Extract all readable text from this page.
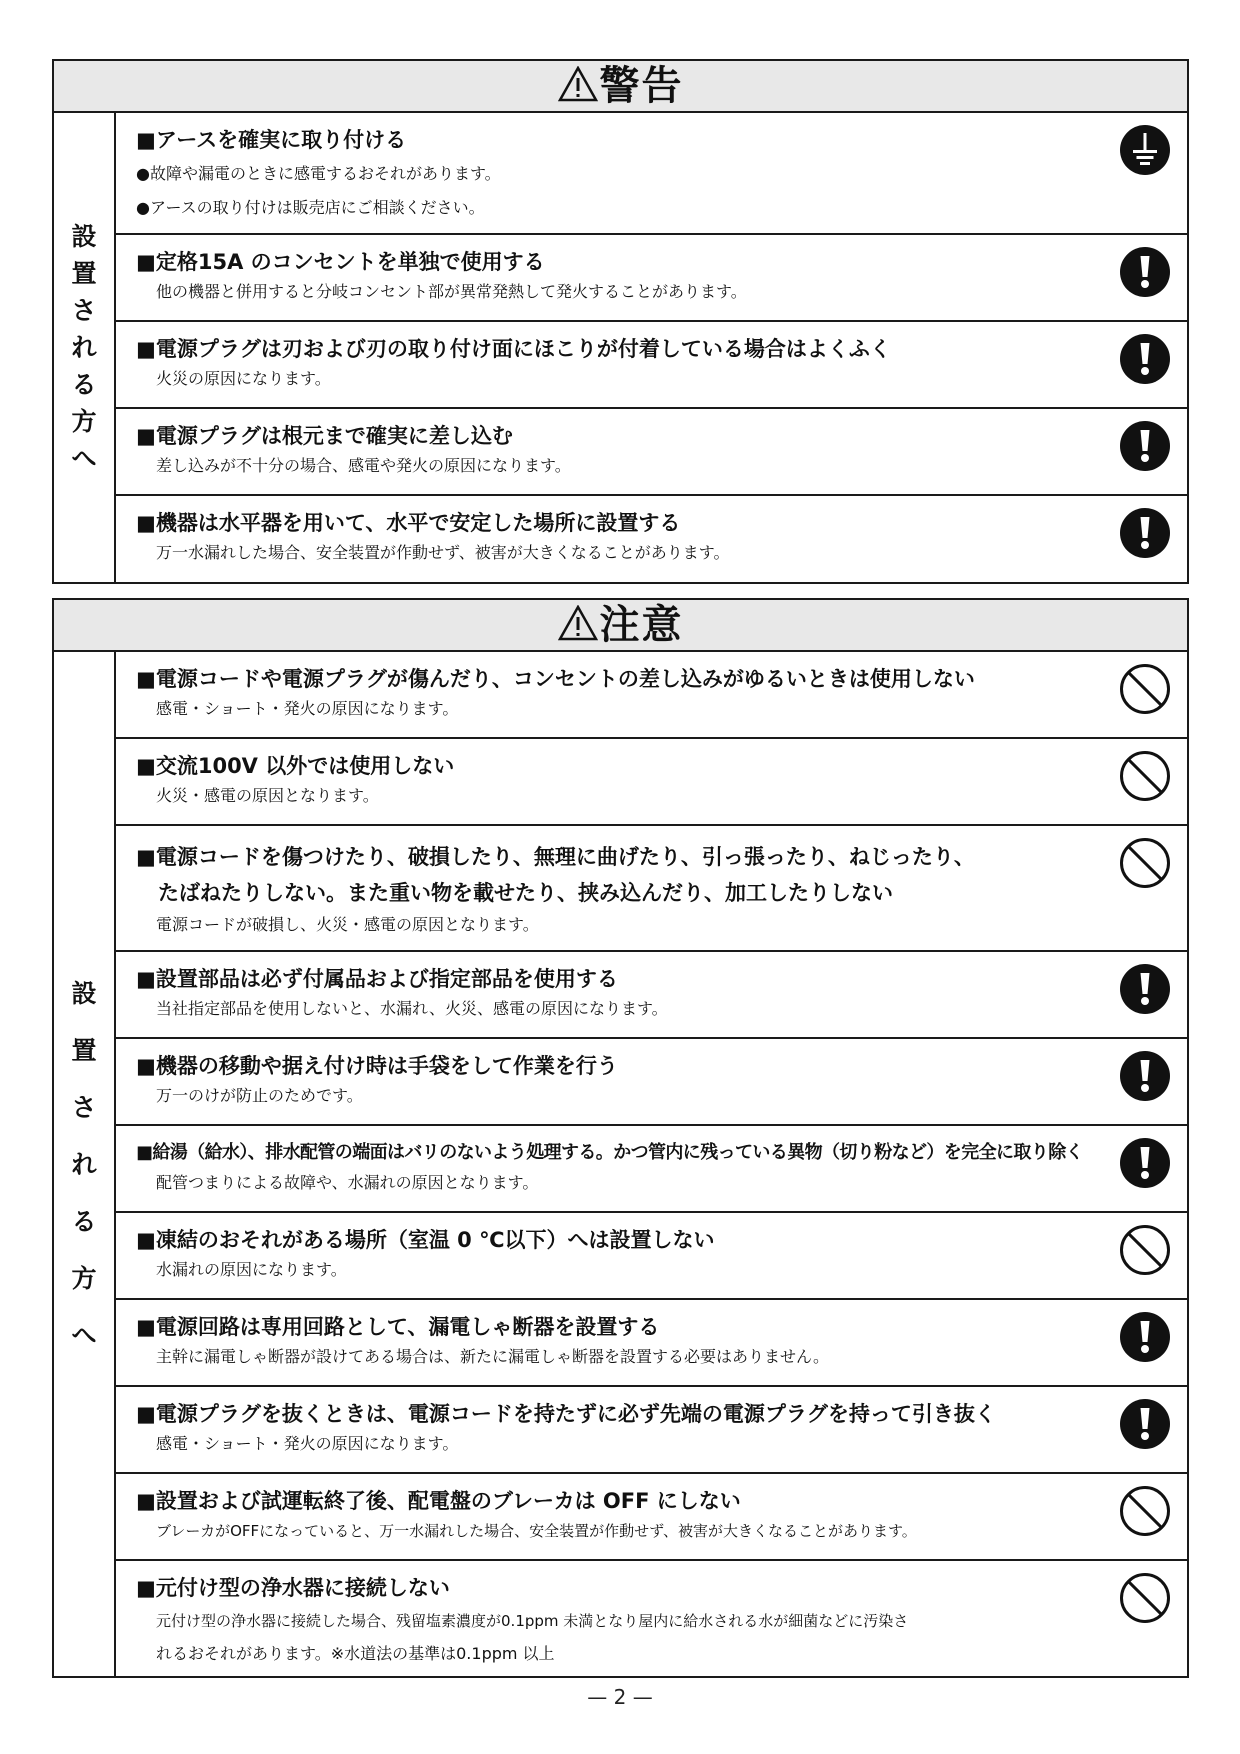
警告
設
置
さ
れ
る
方
へ
■アースを確実に取り付ける
●故障や漏電のときに感電するおそれがあります。
●アースの取り付けは販売店にご相談ください。
■定格15A のコンセントを単独で使用する
他の機器と併用すると分岐コンセント部が異常発熱して発火することがあります。
■電源プラグは刃および刃の取り付け面にほこりが付着している場合はよくふく
火災の原因になります。
■電源プラグは根元まで確実に差し込む
差し込みが不十分の場合、感電や発火の原因になります。
■機器は水平器を用いて、水平で安定した場所に設置する
万一水漏れした場合、安全装置が作動せず、被害が大きくなることがあります。
注意
設
置
さ
れ
る
方
へ
■電源コードや電源プラグが傷んだり、コンセントの差し込みがゆるいときは使用しない
感電・ショート・発火の原因になります。
■交流100V 以外では使用しない
火災・感電の原因となります。
■電源コードを傷つけたり、破損したり、無理に曲げたり、引っ張ったり、ねじったり、
たばねたりしない。また重い物を載せたり、挟み込んだり、加工したりしない
電源コードが破損し、火災・感電の原因となります。
■設置部品は必ず付属品および指定部品を使用する
当社指定部品を使用しないと、水漏れ、火災、感電の原因になります。
■機器の移動や据え付け時は手袋をして作業を行う
万一のけが防止のためです。
■給湯（給水）、排水配管の端面はバリのないよう処理する。かつ管内に残っている異物（切り粉など）を完全に取り除く
配管つまりによる故障や、水漏れの原因となります。
■凍結のおそれがある場所（室温 0 ℃以下）へは設置しない
水漏れの原因になります。
■電源回路は専用回路として、漏電しゃ断器を設置する
主幹に漏電しゃ断器が設けてある場合は、新たに漏電しゃ断器を設置する必要はありません。
■電源プラグを抜くときは、電源コードを持たずに必ず先端の電源プラグを持って引き抜く
感電・ショート・発火の原因になります。
■設置および試運転終了後、配電盤のブレーカは OFF にしない
ブレーカがOFFになっていると、万一水漏れした場合、安全装置が作動せず、被害が大きくなることがあります。
■元付け型の浄水器に接続しない
元付け型の浄水器に接続した場合、残留塩素濃度が0.1ppm 未満となり屋内に給水される水が細菌などに汚染さ
れるおそれがあります。※水道法の基準は0.1ppm 以上
— 2 —
